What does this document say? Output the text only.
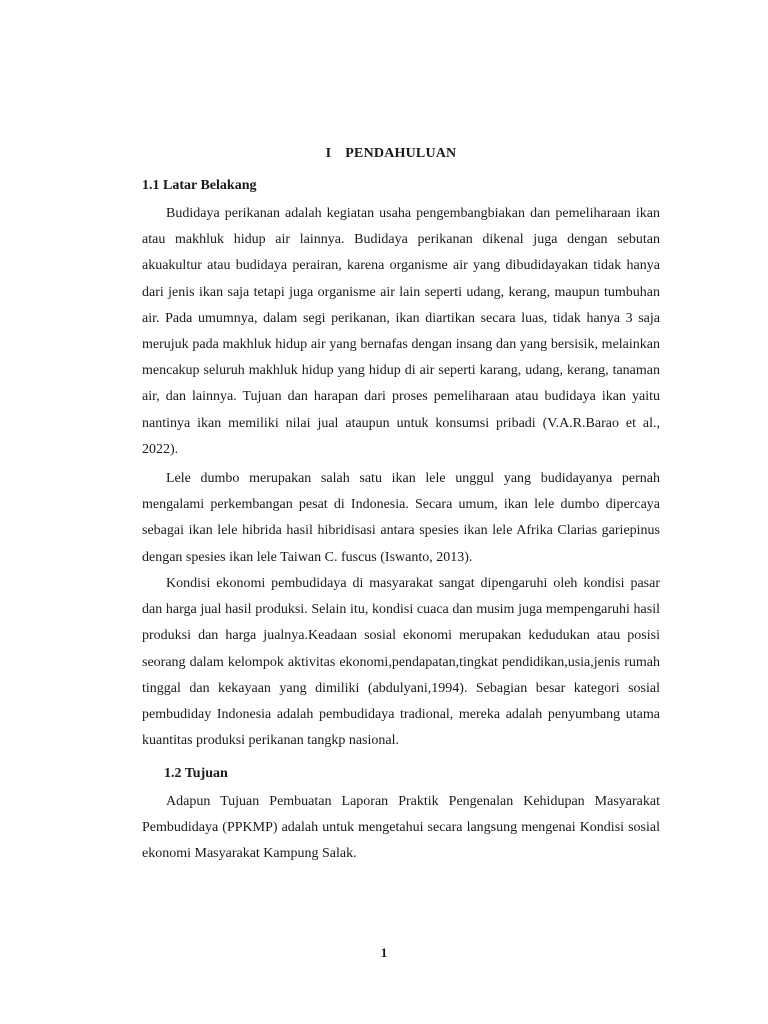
I PENDAHULUAN
1.1 Latar Belakang

Budidaya perikanan adalah kegiatan usaha pengembangbiakan dan pemeliharaan ikan atau makhluk hidup air lainnya. Budidaya perikanan dikenal juga dengan sebutan akuakultur atau budidaya perairan, karena organisme air yang dibudidayakan tidak hanya dari jenis ikan saja tetapi juga organisme air lain seperti udang, kerang, maupun tumbuhan air. Pada umumnya, dalam segi perikanan, ikan diartikan secara luas, tidak hanya 3 saja merujuk pada makhluk hidup air yang bernafas dengan insang dan yang bersisik, melainkan mencakup seluruh makhluk hidup yang hidup di air seperti karang, udang, kerang, tanaman air, dan lainnya. Tujuan dan harapan dari proses pemeliharaan atau budidaya ikan yaitu nantinya ikan memiliki nilai jual ataupun untuk konsumsi pribadi (V.A.R.Barao et al., 2022).

Lele dumbo merupakan salah satu ikan lele unggul yang budidayanya pernah mengalami perkembangan pesat di Indonesia. Secara umum, ikan lele dumbo dipercaya sebagai ikan lele hibrida hasil hibridisasi antara spesies ikan lele Afrika Clarias gariepinus dengan spesies ikan lele Taiwan C. fuscus (Iswanto, 2013).

Kondisi ekonomi pembudidaya di masyarakat sangat dipengaruhi oleh kondisi pasar dan harga jual hasil produksi. Selain itu, kondisi cuaca dan musim juga mempengaruhi hasil produksi dan harga jualnya.Keadaan sosial ekonomi merupakan kedudukan atau posisi seorang dalam kelompok aktivitas ekonomi,pendapatan,tingkat pendidikan,usia,jenis rumah tinggal dan kekayaan yang dimiliki (abdulyani,1994). Sebagian besar kategori sosial pembudiday Indonesia adalah pembudidaya tradional, mereka adalah penyumbang utama kuantitas produksi perikanan tangkp nasional.

1.2 Tujuan

Adapun Tujuan Pembuatan Laporan Praktik Pengenalan Kehidupan Masyarakat Pembudidaya (PPKMP) adalah untuk mengetahui secara langsung mengenai Kondisi sosial ekonomi Masyarakat Kampung Salak.

1
